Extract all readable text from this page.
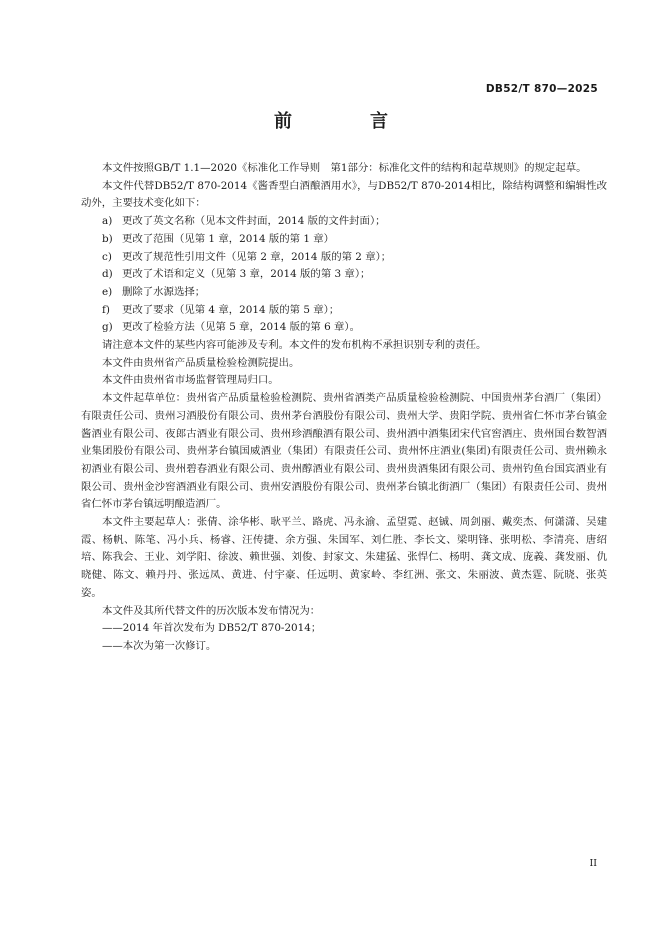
DB52/T 870—2025
前　言

本文件按照GB/T 1.1—2020《标准化工作导则　第1部分：标准化文件的结构和起草规则》的规定起草。

本文件代替DB52/T 870-2014《酱香型白酒酿酒用水》，与DB52/T 870-2014相比，除结构调整和编辑性改动外，主要技术变化如下：

a) 更改了英文名称（见本文件封面，2014 版的文件封面）；

b) 更改了范围（见第 1 章，2014 版的第 1 章）

c) 更改了规范性引用文件（见第 2 章，2014 版的第 2 章）；

d) 更改了术语和定义（见第 3 章，2014 版的第 3 章）；

e) 删除了水源选择；

f) 更改了要求（见第 4 章，2014 版的第 5 章）；

g) 更改了检验方法（见第 5 章，2014 版的第 6 章）。

请注意本文件的某些内容可能涉及专利。本文件的发布机构不承担识别专利的责任。

本文件由贵州省产品质量检验检测院提出。

本文件由贵州省市场监督管理局归口。

本文件起草单位：贵州省产品质量检验检测院、贵州省酒类产品质量检验检测院、中国贵州茅台酒厂（集团）有限责任公司、贵州习酒股份有限公司、贵州茅台酒股份有限公司、贵州大学、贵阳学院、贵州省仁怀市茅台镇金酱酒业有限公司、夜郎古酒业有限公司、贵州珍酒酿酒有限公司、贵州酒中酒集团宋代官窖酒庄、贵州国台数智酒业集团股份有限公司、贵州茅台镇国威酒业（集团）有限责任公司、贵州怀庄酒业(集团)有限责任公司、贵州赖永初酒业有限公司、贵州碧春酒业有限公司、贵州醇酒业有限公司、贵州贵酒集团有限公司、贵州钓鱼台国宾酒业有限公司、贵州金沙窖酒酒业有限公司、贵州安酒股份有限公司、贵州茅台镇北街酒厂（集团）有限责任公司、贵州省仁怀市茅台镇远明酿造酒厂。

本文件主要起草人：张倩、涂华彬、耿平兰、路虎、冯永渝、孟望霓、赵铖、周剑丽、戴奕杰、何潇潇、吴建霞、杨帆、陈笔、冯小兵、杨睿、汪传捷、余方强、朱国军、刘仁胜、李长文、梁明锋、张明松、李清亮、唐绍培、陈我会、王业、刘学阳、徐波、赖世强、刘俊、封家文、朱建猛、张悍仁、杨明、龚文成、庞義、龚发丽、仇晓健、陈文、赖丹丹、张远凤、黄进、付宇豪、任远明、黄家岭、李红洲、张文、朱丽波、黄杰霆、阮晓、张英姿。

本文件及其所代替文件的历次版本发布情况为：

——2014 年首次发布为 DB52/T 870-2014；

——本次为第一次修订。

II
